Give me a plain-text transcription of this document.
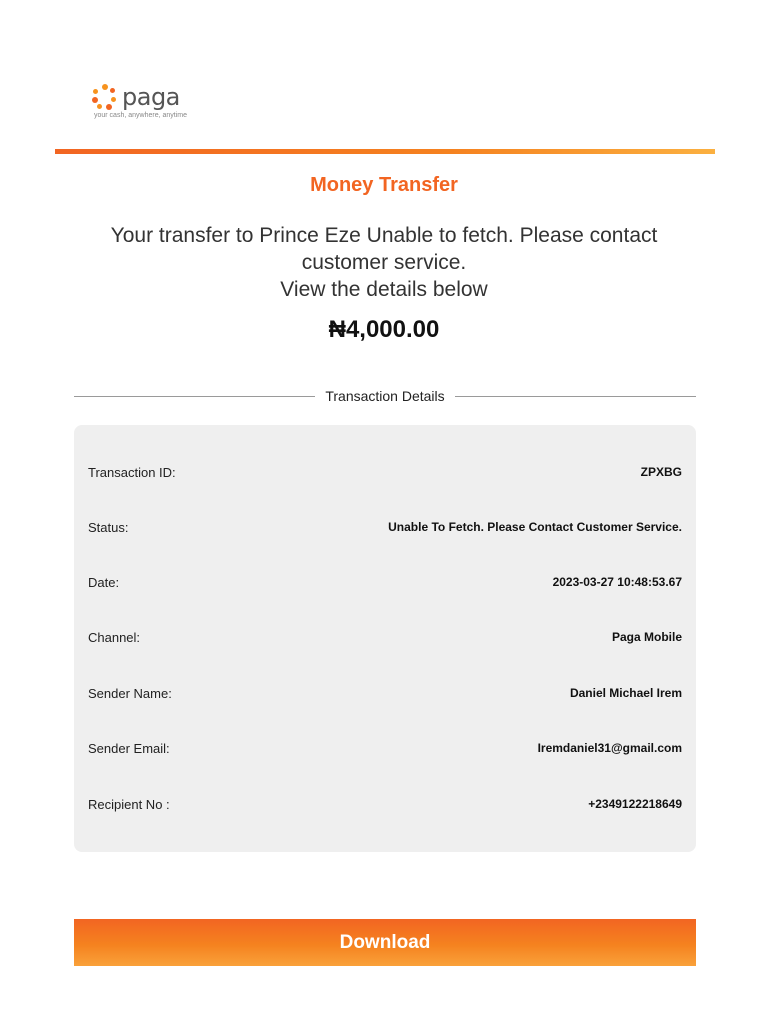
paga
your cash, anywhere, anytime
Money Transfer
Your transfer to Prince Eze Unable to fetch. Please contact customer service.
View the details below
₦4,000.00
Transaction Details
Transaction ID:	ZPXBG
Status:	Unable To Fetch. Please Contact Customer Service.
Date:	2023-03-27 10:48:53.67
Channel:	Paga Mobile
Sender Name:	Daniel Michael Irem
Sender Email:	Iremdaniel31@gmail.com
Recipient No :	+2349122218649
Download
